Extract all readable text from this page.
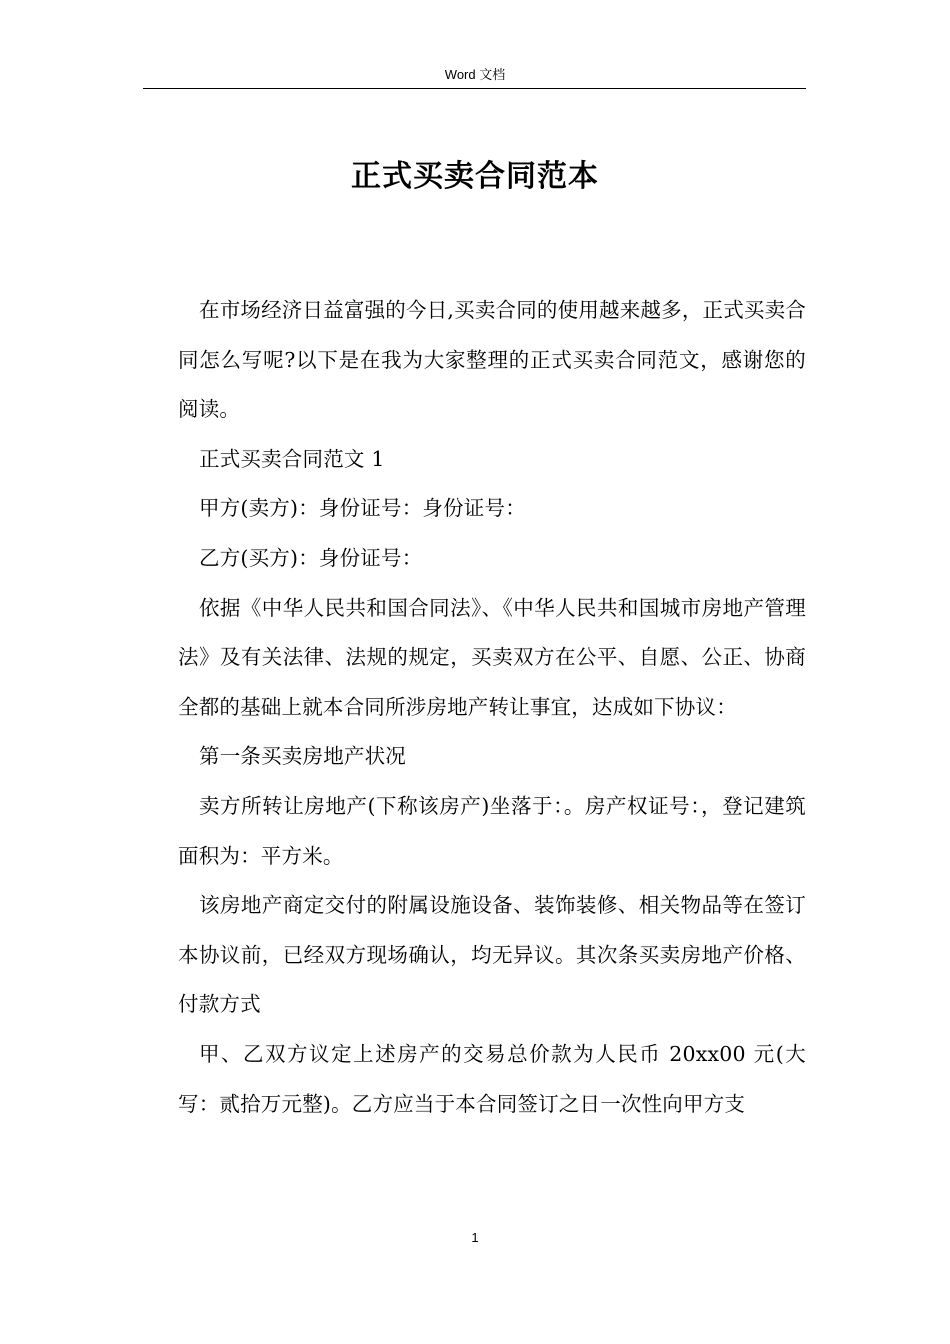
Word 文档
正式买卖合同范本

在市场经济日益富强的今日,买卖合同的使用越来越多，正式买卖合同怎么写呢?以下是在我为大家整理的正式买卖合同范文，感谢您的阅读。

正式买卖合同范文 1

甲方(卖方)：身份证号：身份证号：

乙方(买方)：身份证号：

依据《中华人民共和国合同法》、《中华人民共和国城市房地产管理法》及有关法律、法规的规定，买卖双方在公平、自愿、公正、协商全都的基础上就本合同所涉房地产转让事宜，达成如下协议：

第一条买卖房地产状况

卖方所转让房地产(下称该房产)坐落于：。房产权证号：，登记建筑面积为：平方米。

该房地产商定交付的附属设施设备、装饰装修、相关物品等在签订本协议前，已经双方现场确认，均无异议。其次条买卖房地产价格、付款方式

甲、乙双方议定上述房产的交易总价款为人民币 20xx00 元(大写：贰拾万元整)。乙方应当于本合同签订之日一次性向甲方支

1
